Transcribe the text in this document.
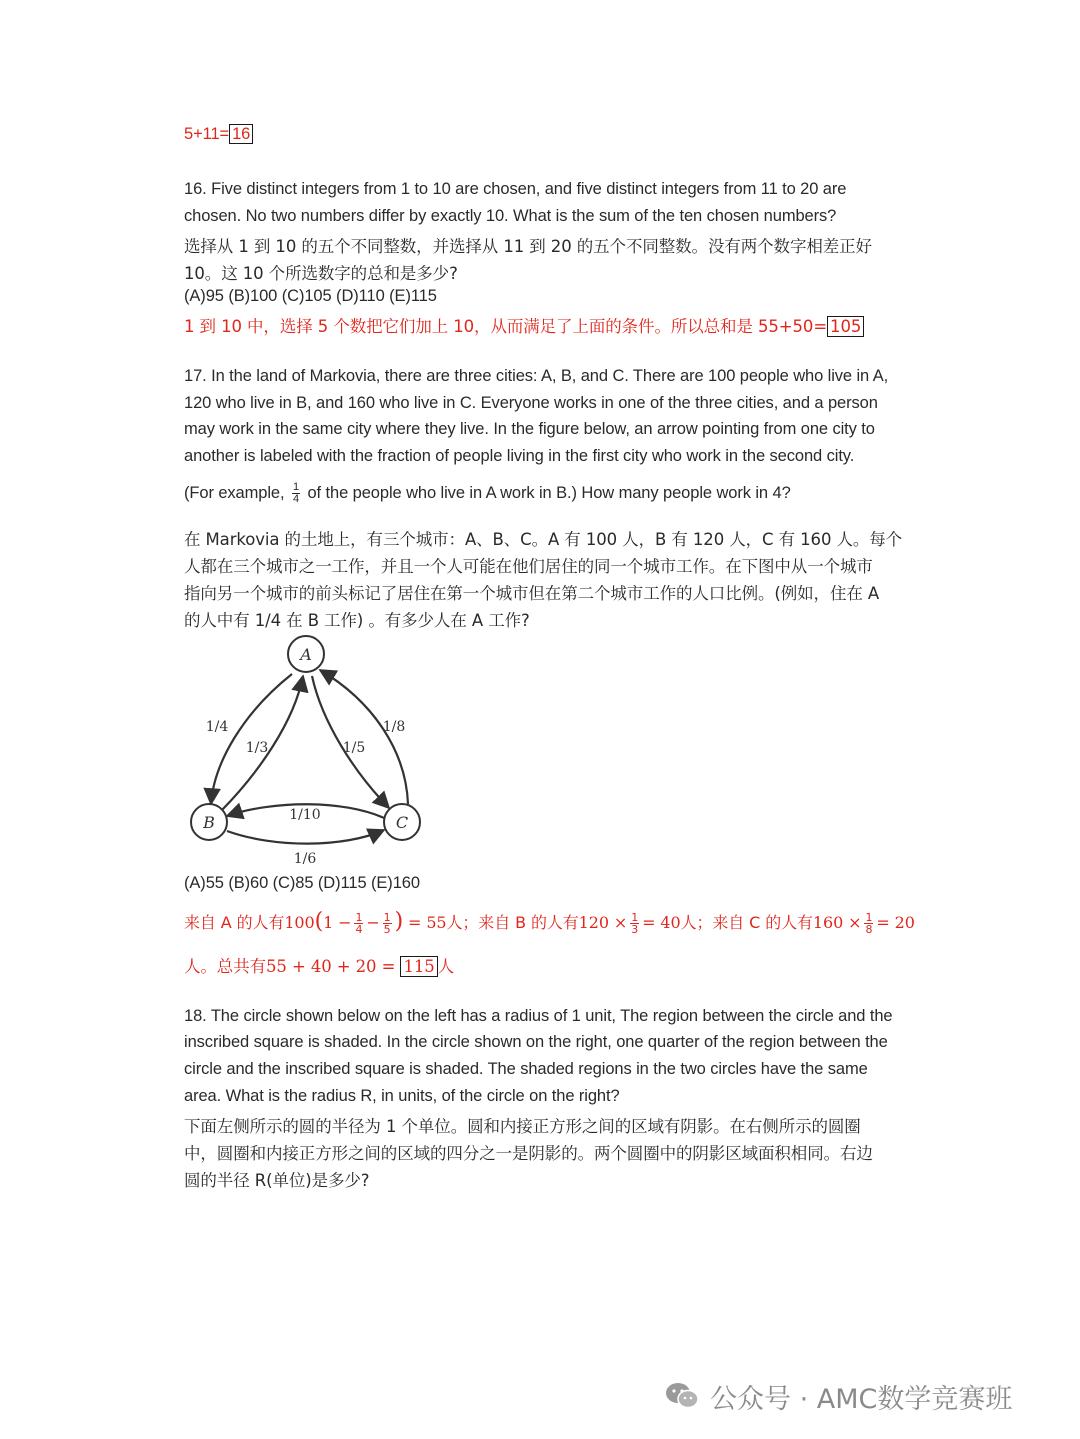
5+11= 16
16. Five distinct integers from 1 to 10 are chosen, and five distinct integers from 11 to 20 are
chosen. No two numbers differ by exactly 10. What is the sum of the ten chosen numbers?
选择从 1 到 10 的五个不同整数，并选择从 11 到 20 的五个不同整数。没有两个数字相差正好
10。这 10 个所选数字的总和是多少?
(A)95 (B)100 (C)105 (D)110 (E)115
1 到 10 中，选择 5 个数把它们加上 10，从而满足了上面的条件。所以总和是 55+50= 105
17. In the land of Markovia, there are three cities: A, B, and C. There are 100 people who live in A,
120 who live in B, and 160 who live in C. Everyone works in one of the three cities, and a person
may work in the same city where they live. In the figure below, an arrow pointing from one city to
another is labeled with the fraction of people living in the first city who work in the second city.
(For example, $\frac{1}{4}$ of the people who live in A work in B.) How many people work in 4?
在 Markovia 的土地上，有三个城市：A、B、C。A 有 100 人，B 有 120 人，C 有 160 人。每个
人都在三个城市之一工作，并且一个人可能在他们居住的同一个城市工作。在下图中从一个城市
指向另一个城市的前头标记了居住在第一个城市但在第二个城市工作的人口比例。(例如，住在 A
的人中有 1/4 在 B 工作) 。有多少人在 A 工作?
A
B	C
1/4
1/3	1/5
1/8
1/10
1/6
(A)55 (B)60 (C)85 (D)115 (E)160
来自 A 的人有$100(1 - \frac{1}{4} - \frac{1}{5}$ ) = 55人；来自 B 的人有$120 \times \frac{1}{3} = 40$人；来自 C 的人有$160 \times \frac{1}{8} = 20$
人。总共有55 + 40 + 20 = 115 人
18. The circle shown below on the left has a radius of 1 unit, The region between the circle and the
inscribed square is shaded. In the circle shown on the right, one quarter of the region between the
circle and the inscribed square is shaded. The shaded regions in the two circles have the same
area. What is the radius R, in units, of the circle on the right?
下面左侧所示的圆的半径为 1 个单位。圆和内接正方形之间的区域有阴影。在右侧所示的圆圈
中，圆圈和内接正方形之间的区域的四分之一是阴影的。两个圆圈中的阴影区域面积相同。右边
圆的半径 R(单位)是多少?
公众号 · AMC数学竞赛班
